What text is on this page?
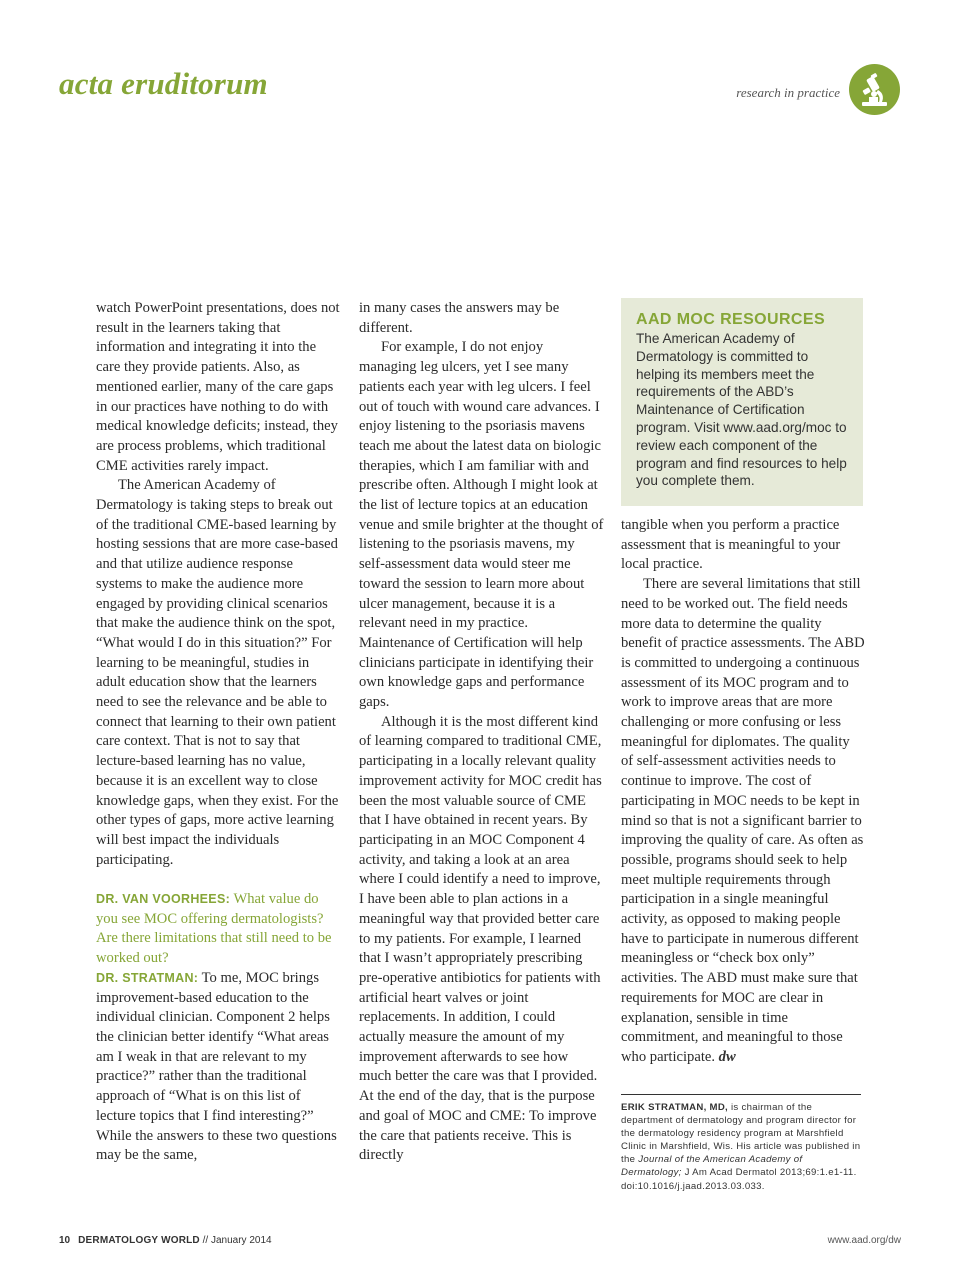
acta eruditorum	research in practice

watch PowerPoint presentations, does not result in the learners taking that information and integrating it into the care they provide patients. Also, as mentioned earlier, many of the care gaps in our practices have nothing to do with medical knowledge deficits; instead, they are process problems, which traditional CME activities rarely impact.

The American Academy of Dermatology is taking steps to break out of the traditional CME-based learning by hosting sessions that are more case-based and that utilize audience response systems to make the audience more engaged by providing clinical scenarios that make the audience think on the spot, “What would I do in this situation?” For learning to be meaningful, studies in adult education show that the learners need to see the relevance and be able to connect that learning to their own patient care context. That is not to say that lecture-based learning has no value, because it is an excellent way to close knowledge gaps, when they exist. For the other types of gaps, more active learning will best impact the individuals participating.

DR. VAN VOORHEES: What value do you see MOC offering dermatologists? Are there limitations that still need to be worked out?

DR. STRATMAN: To me, MOC brings improvement-based education to the individual clinician. Component 2 helps the clinician better identify “What areas am I weak in that are relevant to my practice?” rather than the traditional approach of “What is on this list of lecture topics that I find interesting?” While the answers to these two questions may be the same,

in many cases the answers may be different.

For example, I do not enjoy managing leg ulcers, yet I see many patients each year with leg ulcers. I feel out of touch with wound care advances. I enjoy listening to the psoriasis mavens teach me about the latest data on biologic therapies, which I am familiar with and prescribe often. Although I might look at the list of lecture topics at an education venue and smile brighter at the thought of listening to the psoriasis mavens, my self-assessment data would steer me toward the session to learn more about ulcer management, because it is a relevant need in my practice. Maintenance of Certification will help clinicians participate in identifying their own knowledge gaps and performance gaps.

Although it is the most different kind of learning compared to traditional CME, participating in a locally relevant quality improvement activity for MOC credit has been the most valuable source of CME that I have obtained in recent years. By participating in an MOC Component 4 activity, and taking a look at an area where I could identify a need to improve, I have been able to plan actions in a meaningful way that provided better care to my patients. For example, I learned that I wasn’t appropriately prescribing pre-operative antibiotics for patients with artificial heart valves or joint replacements. In addition, I could actually measure the amount of my improvement afterwards to see how much better the care was that I provided. At the end of the day, that is the purpose and goal of MOC and CME: To improve the care that patients receive. This is directly

AAD MOC RESOURCES
The American Academy of Dermatology is committed to helping its members meet the requirements of the ABD’s Maintenance of Certification program. Visit www.aad.org/moc to review each component of the program and find resources to help you complete them.

tangible when you perform a practice assessment that is meaningful to your local practice.

There are several limitations that still need to be worked out. The field needs more data to determine the quality benefit of practice assessments. The ABD is committed to undergoing a continuous assessment of its MOC program and to work to improve areas that are more challenging or more confusing or less meaningful for diplomates. The quality of self-assessment activities needs to continue to improve. The cost of participating in MOC needs to be kept in mind so that is not a significant barrier to improving the quality of care. As often as possible, programs should seek to help meet multiple requirements through participation in a single meaningful activity, as opposed to making people have to participate in numerous different meaningless or “check box only” activities. The ABD must make sure that requirements for MOC are clear in explanation, sensible in time commitment, and meaningful to those who participate. dw

ERIK STRATMAN, MD, is chairman of the department of dermatology and program director for the dermatology residency program at Marshfield Clinic in Marshfield, Wis. His article was published in the Journal of the American Academy of Dermatology; J Am Acad Dermatol 2013;69:1.e1-11. doi:10.1016/j.jaad.2013.03.033.
10 DERMATOLOGY WORLD // January 2014	www.aad.org/dw
